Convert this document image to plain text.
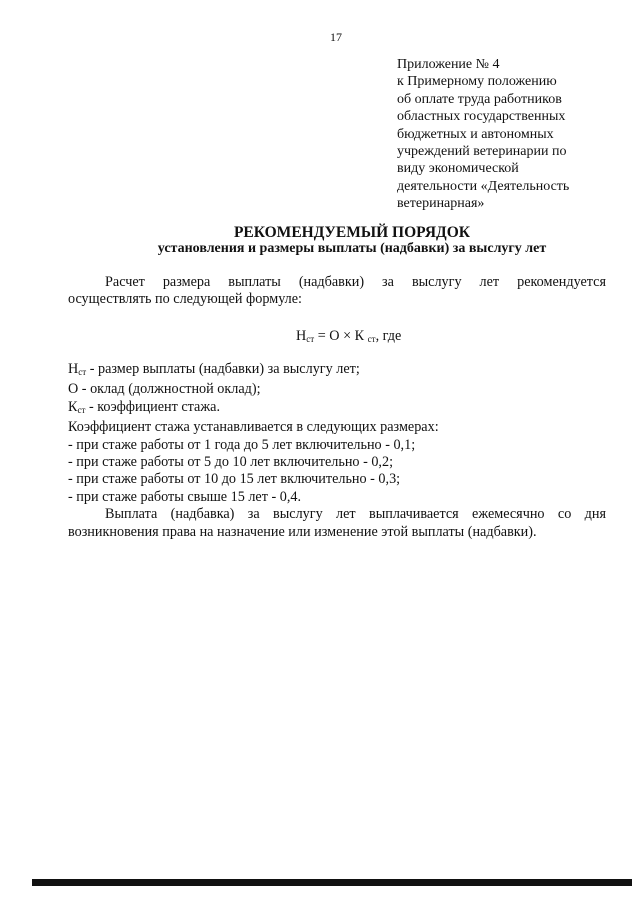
17
Приложение № 4
к Примерному положению
об оплате труда работников
областных государственных
бюджетных и автономных
учреждений ветеринарии по
виду экономической
деятельности «Деятельность
ветеринарная»
РЕКОМЕНДУЕМЫЙ ПОРЯДОК
установления и размеры выплаты (надбавки) за выслугу лет
Расчет размера выплаты (надбавки) за выслугу лет рекомендуется
осуществлять по следующей формуле:
$Н_{ст} = О \times К$ $_{ст}$, где
$Н_{ст}$ - размер выплаты (надбавки) за выслугу лет;
О - оклад (должностной оклад);
$К_{ст}$ - коэффициент стажа.
Коэффициент стажа устанавливается в следующих размерах:
- при стаже работы от 1 года до 5 лет включительно - 0,1;
- при стаже работы от 5 до 10 лет включительно - 0,2;
- при стаже работы от 10 до 15 лет включительно - 0,3;
- при стаже работы свыше 15 лет - 0,4.
Выплата (надбавка) за выслугу лет выплачивается ежемесячно со дня
возникновения права на назначение или изменение этой выплаты (надбавки).
